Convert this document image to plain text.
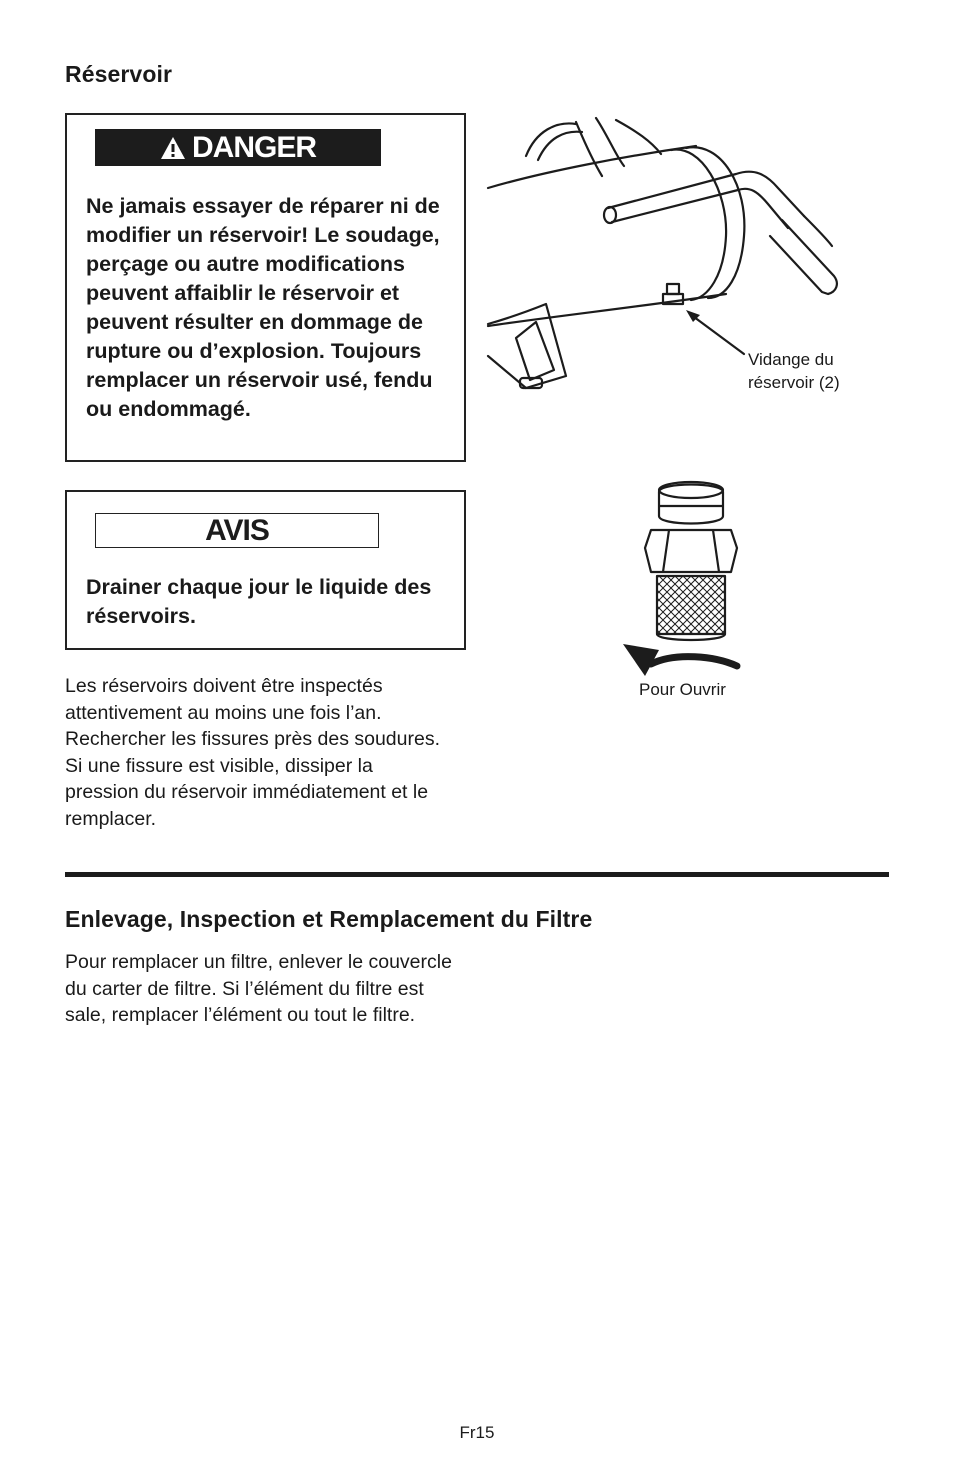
Réservoir
DANGER
Ne jamais essayer de réparer ni de modifier un réservoir! Le soudage, perçage ou autre modifications peuvent affaiblir le réservoir et peuvent résulter en dommage de rupture ou d’explosion. Toujours remplacer un réservoir usé, fendu ou endommagé.
AVIS
Drainer chaque jour le liquide des réservoirs.
Les réservoirs doivent être inspectés attentivement au moins une fois l’an. Rechercher les fissures près des soudures. Si une fissure est visible, dissiper la pression du réservoir immédiatement et le remplacer.
Vidange du
réservoir (2)
Pour Ouvrir
Enlevage, Inspection et Remplacement du Filtre
Pour remplacer un filtre, enlever le couvercle du carter de filtre. Si l’élément du filtre est sale, remplacer l’élément ou tout le filtre.
Fr15
